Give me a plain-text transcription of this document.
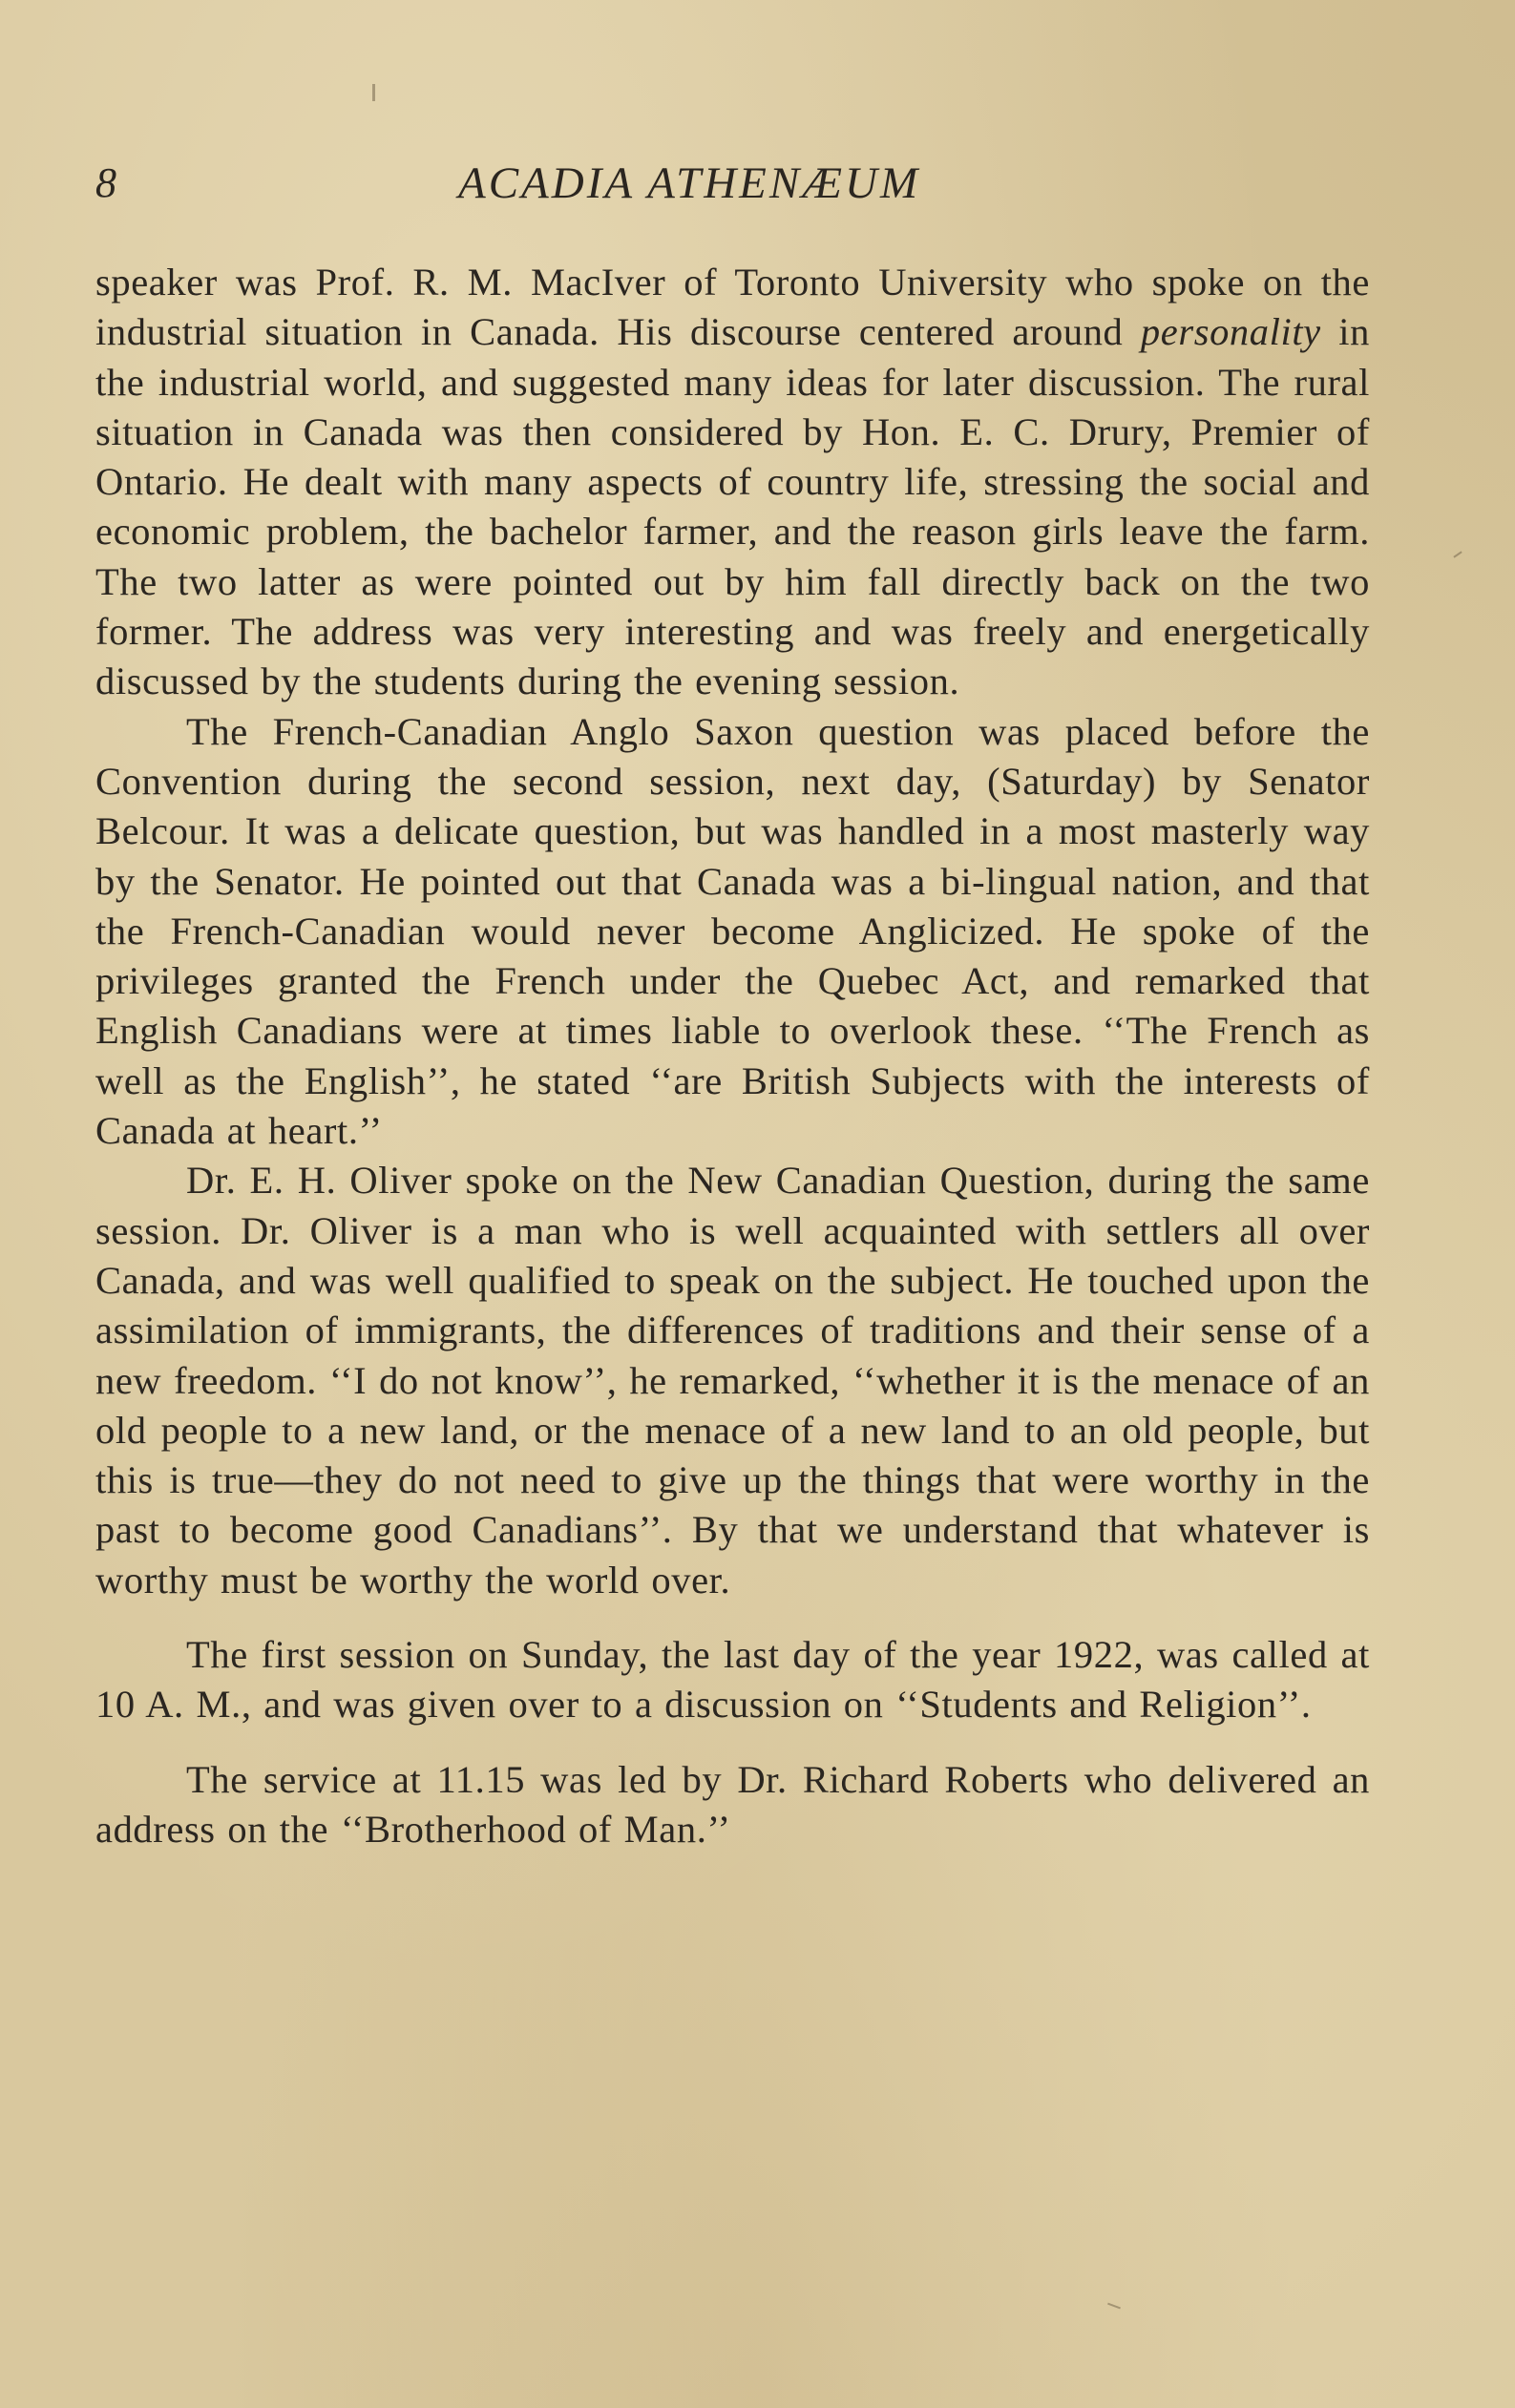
8	ACADIA ATHENÆUM

speaker was Prof. R. M. MacIver of Toronto University who spoke on the industrial situation in Canada. His discourse centered around personality in the industrial world, and suggested many ideas for later discussion. The rural situation in Canada was then considered by Hon. E. C. Drury, Premier of Ontario. He dealt with many aspects of country life, stressing the social and economic problem, the bachelor farmer, and the reason girls leave the farm. The two latter as were pointed out by him fall directly back on the two former. The address was very interesting and was freely and energetically discussed by the students during the evening session.

The French-Canadian Anglo Saxon question was placed before the Convention during the second session, next day, (Saturday) by Senator Belcour. It was a delicate question, but was handled in a most masterly way by the Senator. He pointed out that Canada was a bi-lingual nation, and that the French-Canadian would never become Anglicized. He spoke of the privileges granted the French under the Quebec Act, and remarked that English Canadians were at times liable to overlook these. ‘‘The French as well as the English’’, he stated ‘‘are British Subjects with the interests of Canada at heart.’’

Dr. E. H. Oliver spoke on the New Canadian Question, during the same session. Dr. Oliver is a man who is well acquainted with settlers all over Canada, and was well qualified to speak on the subject. He touched upon the assimilation of immigrants, the differences of traditions and their sense of a new freedom. ‘‘I do not know’’, he remarked, ‘‘whether it is the menace of an old people to a new land, or the menace of a new land to an old people, but this is true—they do not need to give up the things that were worthy in the past to become good Canadians’’. By that we understand that whatever is worthy must be worthy the world over.

The first session on Sunday, the last day of the year 1922, was called at 10 A. M., and was given over to a discussion on ‘‘Students and Religion’’.

The service at 11.15 was led by Dr. Richard Roberts who delivered an address on the ‘‘Brotherhood of Man.’’
